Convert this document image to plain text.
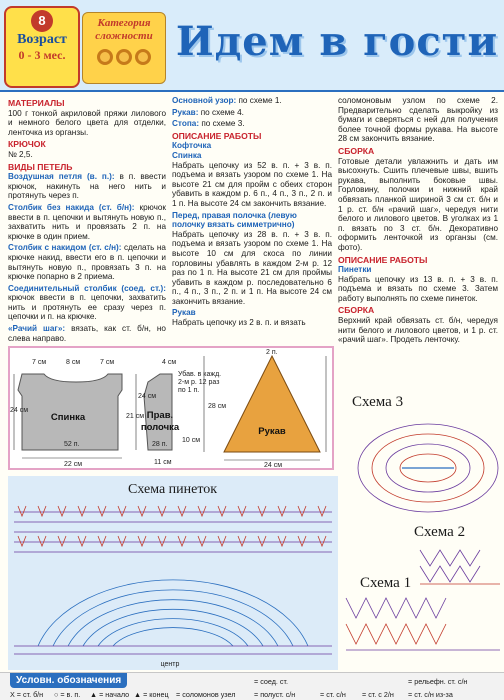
8
Возраст
0 - 3 мес.
Категория сложности Идем в гости
МАТЕРИАЛЫ

100 г тонкой акриловой пряжи лилового и немного белого цвета для отделки, ленточка из органзы.

КРЮЧОК

№ 2,5.

ВИДЫ ПЕТЕЛЬ

Воздушная петля (в. п.): в п. ввести крючок, накинуть на него нить и протянуть через п.

Столбик без накида (ст. б/н): крючок ввести в п. цепочки и вытянуть новую п., захватить нить и провязать 2 п. на крючке в один прием.

Столбик с накидом (ст. с/н): сделать на крючке накид, ввести его в п. цепочки и вытянуть новую п., провязать 3 п. на крючке попарно в 2 приема.

Соединительный столбик (соед. ст.): крючок ввести в п. цепочки, захватить нить и протянуть ее сразу через п. цепочки и п. на крючке.

«Рачий шаг»: вязать, как ст. б/н, но слева направо.

Основной узор: по схеме 1.

Рукав: по схеме 4.

Стопа: по схеме 3.

ОПИСАНИЕ РАБОТЫ
Кофточка
Спинка

Набрать цепочку из 52 в. п. + 3 в. п. подъема и вязать узором по схеме 1. На высоте 21 см для пройм с обеих сторон убавить в каждом р. 6 п., 4 п., 3 п., 2 п. и 1 п. На высоте 24 см закончить вязание.

Перед, правая полочка (левую полочку вязать симметрично)

Набрать цепочку из 28 в. п. + 3 в. п. подъема и вязать узором по схеме 1. На высоте 10 см для скоса по линии горловины убавлять в каждом 2-м р. 12 раз по 1 п. На высоте 21 см для проймы убавить в каждом р. последовательно 6 п., 4 п., 3 п., 2 п. и 1 п. На высоте 24 см закончить вязание.

Рукав

Набрать цепочку из 2 в. п. и вязать

соломоновым узлом по схеме 2. Предварительно сделать выкройку из бумаги и сверяться с ней для получения более точной формы рукава. На высоте 28 см закончить вязание.

СБОРКА

Готовые детали увлажнить и дать им высохнуть. Сшить плечевые швы, вшить рукава, выполнить боковые швы. Горловину, полочки и нижний край обвязать планкой шириной 3 см ст. б/н и 1 р. ст. б/н «рачий шаг», чередуя нити белого и лилового цветов. В уголках из 1 п. вязать по 3 ст. б/н. Декоративно оформить ленточкой из органзы (см. фото).

ОПИСАНИЕ РАБОТЫ
Пинетки

Набрать цепочку из 13 в. п. + 3 в. п. подъема и вязать по схеме 3. Затем работу выполнять по схеме пинеток.

СБОРКА

Верхний край обвязать ст. б/н, чередуя нити белого и лилового цветов, и 1 р. ст. «рачий шаг». Продеть ленточку.

Спинка	Прав.
полочка	Рукав
7 см	8 см	7 см	4 см
52 п.
22 см
28 п.
11 см
24 см
21 см
24 см
10 см
2 п.
28 см
24 см
Убав. в кажд.
2-м р. 12 раз
по 1 п.
центр
Схема пинеток
Схема 3
Схема 2
Схема 1
Условн. обозначения
X = ст. б/н ○ = в. п. ▲ = начало ▲ = конец = соломонов узел
= соед. ст.
= полуст. с/н	= ст. с/н = ст. с 2/н
= рельефн. ст. с/н
= ст. с/н из-за
